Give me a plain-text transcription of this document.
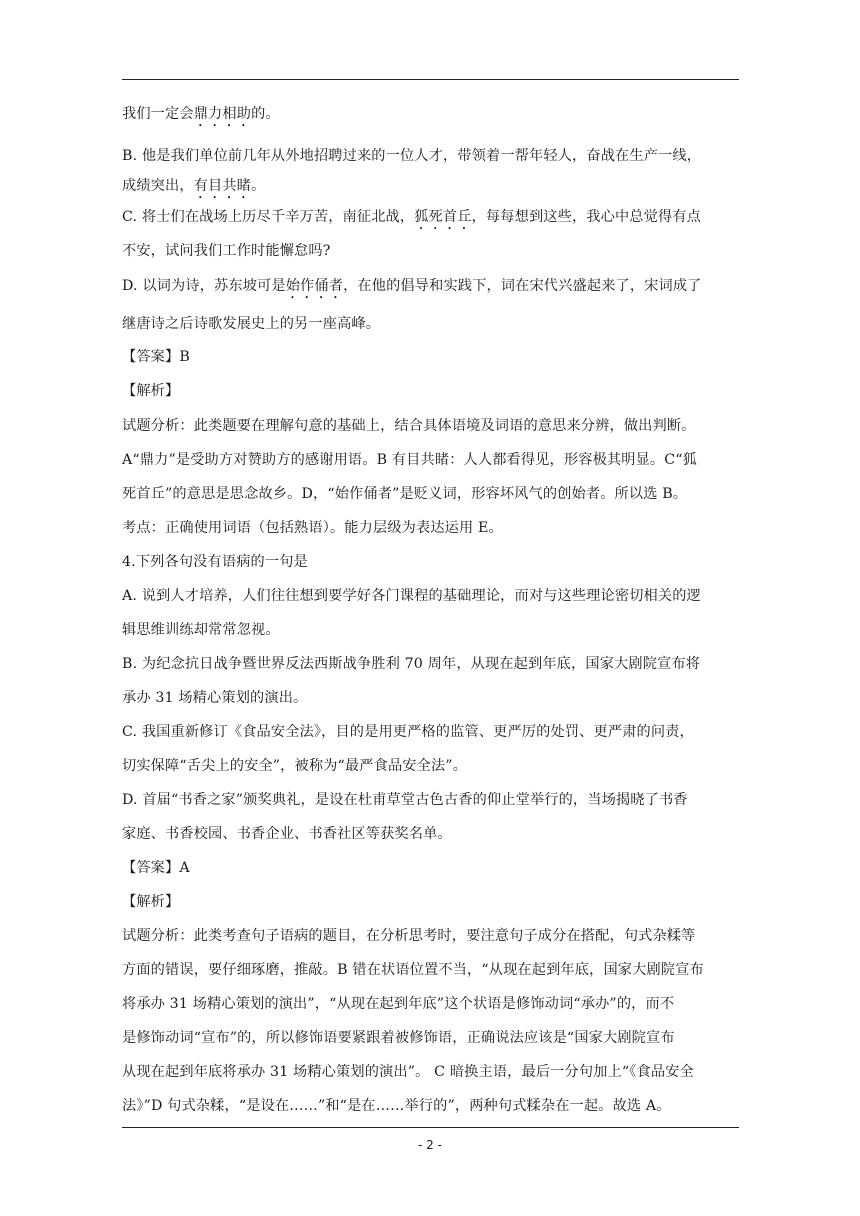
我们一定会鼎力相助的。
B. 他是我们单位前几年从外地招聘过来的一位人才，带领着一帮年轻人，奋战在生产一线，
成绩突出，有目共睹。
C. 将士们在战场上历尽千辛万苦，南征北战，狐死首丘，每每想到这些，我心中总觉得有点
不安，试问我们工作时能懈怠吗?
D. 以词为诗，苏东坡可是始作俑者，在他的倡导和实践下，词在宋代兴盛起来了，宋词成了
继唐诗之后诗歌发展史上的另一座高峰。
【答案】B
【解析】
试题分析：此类题要在理解句意的基础上，结合具体语境及词语的意思来分辨，做出判断。
A“鼎力”是受助方对赞助方的感谢用语。B 有目共睹：人人都看得见，形容极其明显。C“狐
死首丘”的意思是思念故乡。D，“始作俑者”是贬义词，形容坏风气的创始者。所以选 B。
考点：正确使用词语（包括熟语）。能力层级为表达运用 E。
4.下列各句没有语病的一句是
A. 说到人才培养，人们往往想到要学好各门课程的基础理论，而对与这些理论密切相关的逻
辑思维训练却常常忽视。
B. 为纪念抗日战争暨世界反法西斯战争胜利 70 周年，从现在起到年底，国家大剧院宣布将
承办 31 场精心策划的演出。
C. 我国重新修订《食品安全法》，目的是用更严格的监管、更严厉的处罚、更严肃的问责，
切实保障“舌尖上的安全”，被称为“最严食品安全法”。
D. 首届“书香之家”颁奖典礼，是设在杜甫草堂古色古香的仰止堂举行的，当场揭晓了书香
家庭、书香校园、书香企业、书香社区等获奖名单。
【答案】A
【解析】
试题分析：此类考查句子语病的题目，在分析思考时，要注意句子成分在搭配，句式杂糅等
方面的错误，要仔细琢磨，推敲。B 错在状语位置不当，“从现在起到年底，国家大剧院宣布
将承办 31 场精心策划的演出”，“从现在起到年底”这个状语是修饰动词“承办”的，而不
是修饰动词“宣布”的，所以修饰语要紧跟着被修饰语，正确说法应该是“国家大剧院宣布
从现在起到年底将承办 31 场精心策划的演出”。 C 暗换主语，最后一分句加上“《食品安全
法》”D 句式杂糅，“是设在……”和“是在……举行的”，两种句式糅杂在一起。故选 A。
- 2 -
